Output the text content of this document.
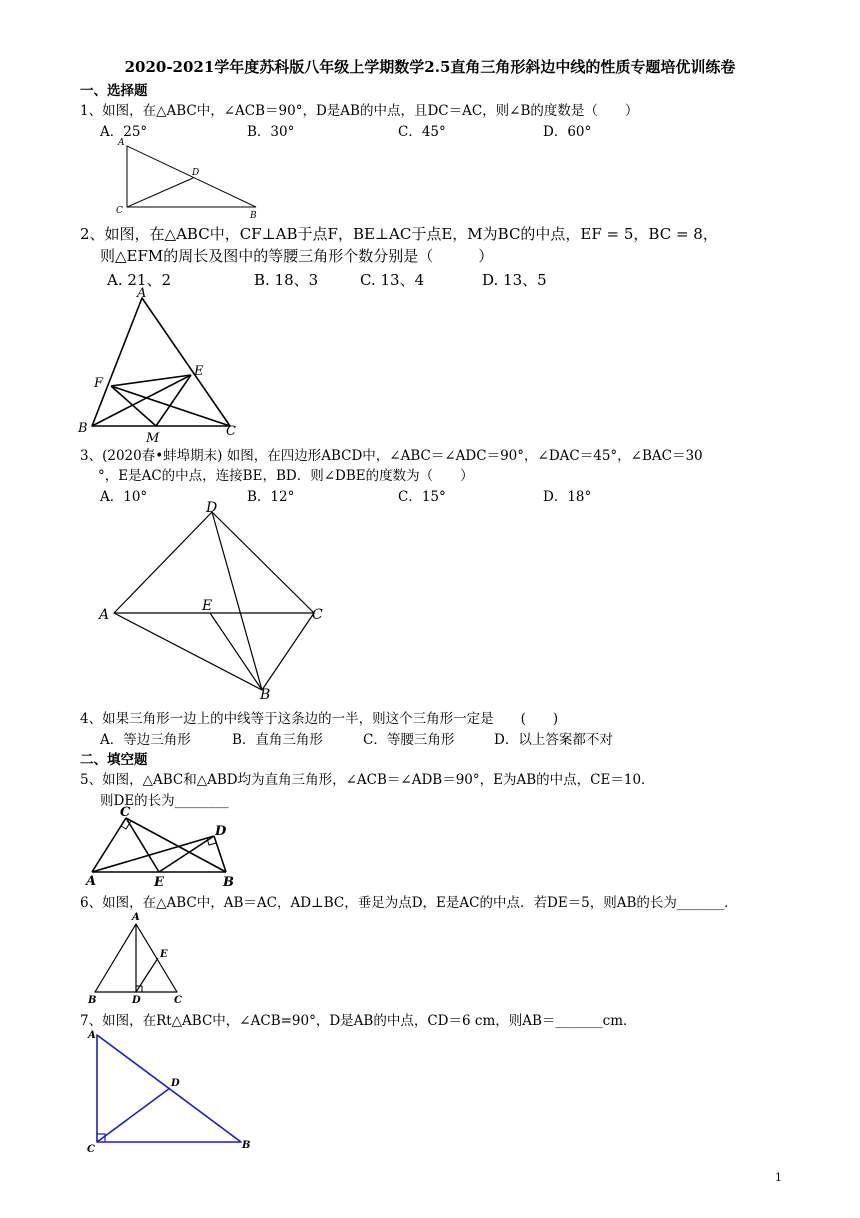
2020-2021学年度苏科版八年级上学期数学2.5直角三角形斜边中线的性质专题培优训练卷
一、选择题
1、如图，在△ABC中，∠ACB＝90°，D是AB的中点，且DC＝AC，则∠B的度数是（　　）
A．25°	B．30°	C．45°	D．60°
A
D
C	B
2、如图，在△ABC中，CF⊥AB于点F，BE⊥AC于点E，M为BC的中点，EF = 5，BC = 8，
则△EFM的周长及图中的等腰三角形个数分别是（　　　）
A. 21、2	B. 18、3	C. 13、4	D. 13、5
A
F
E
B	C
M
3、(2020春•蚌埠期末) 如图，在四边形ABCD中，∠ABC＝∠ADC＝90°，∠DAC＝45°，∠BAC＝30
°，E是AC的中点，连接BE，BD．则∠DBE的度数为（　　）
A．10°	B．12°	C．15°	D．18°
D
A
E
C
B
4、如果三角形一边上的中线等于这条边的一半，则这个三角形一定是　　(　　)
A．等边三角形	B．直角三角形	C．等腰三角形	D．以上答案都不对
二、填空题
5、如图，△ABC和△ABD均为直角三角形，∠ACB＝∠ADB＝90°，E为AB的中点，CE＝10．
则DE的长为________
C
D
A	E	B
6、如图，在△ABC中，AB＝AC，AD⊥BC，垂足为点D，E是AC的中点．若DE＝5，则AB的长为_______．
A
E
B	D	C
7、如图，在Rt△ABC中，∠ACB=90°，D是AB的中点，CD＝6 cm，则AB＝_______cm．
A
D
C	B
1
